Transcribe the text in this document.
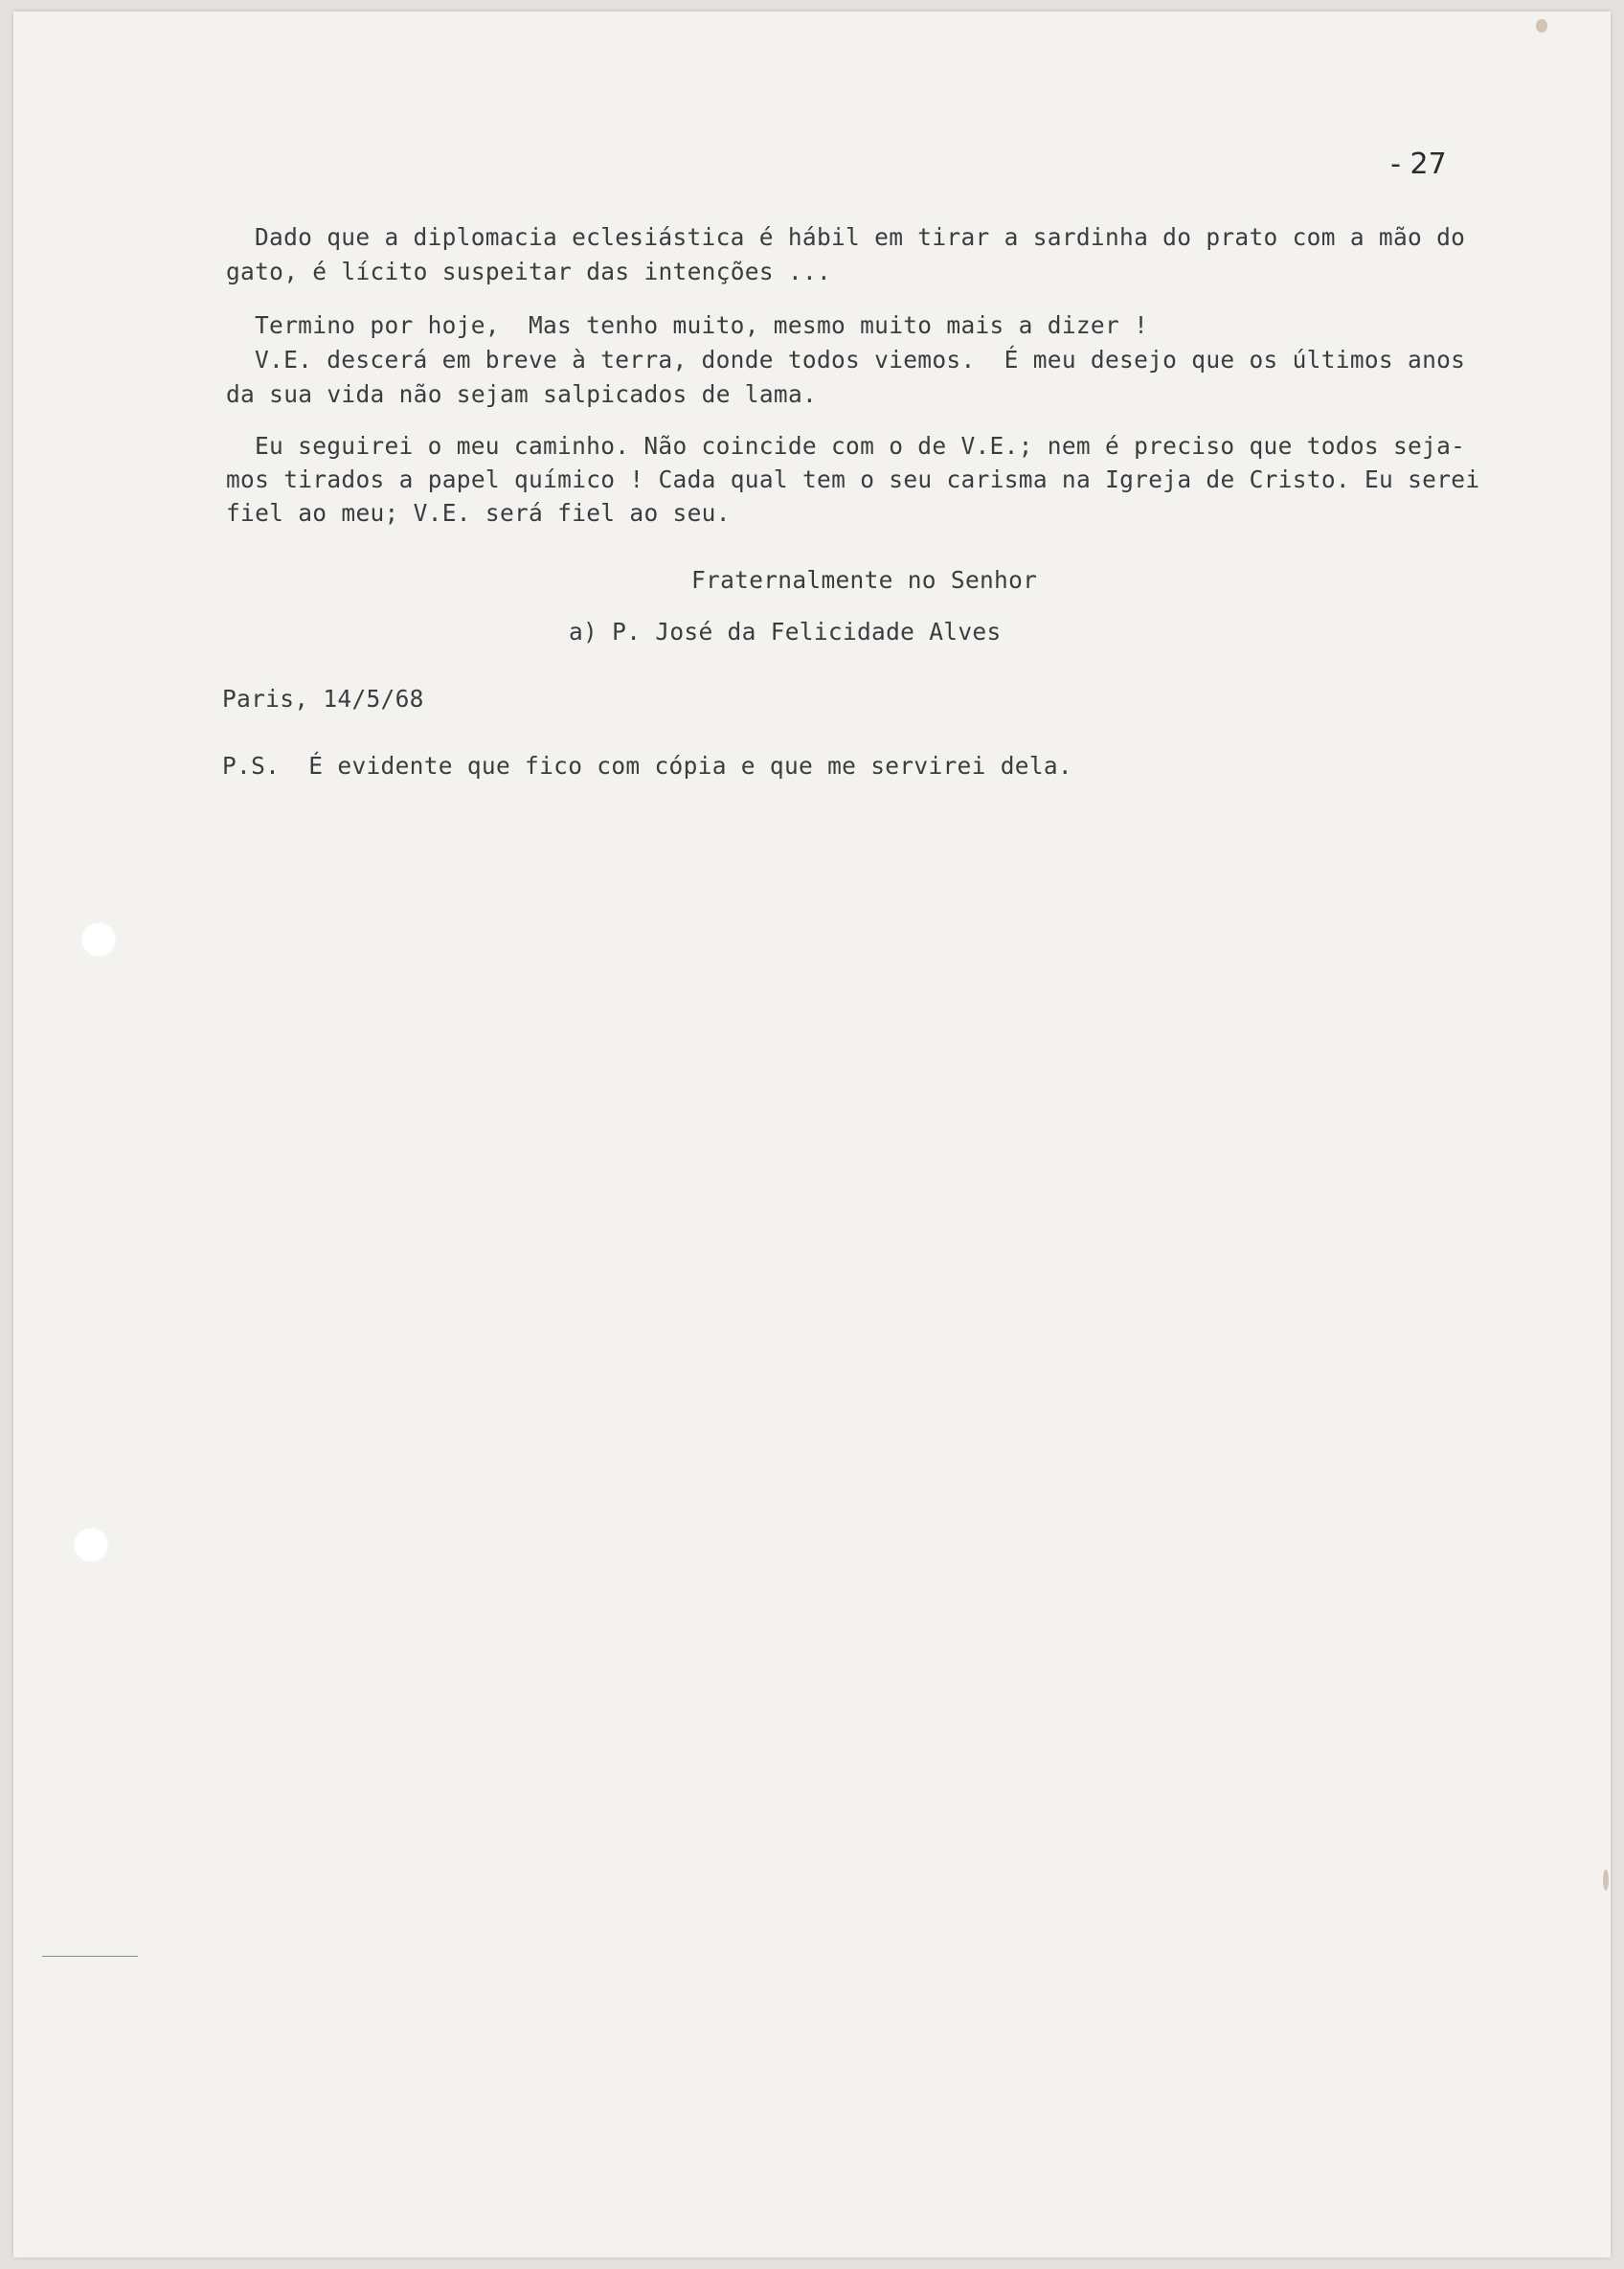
- 27

Dado que a diplomacia eclesiástica é hábil em tirar a sardinha do prato com a mão do
gato, é lícito suspeitar das intenções ...
Termino por hoje,  Mas tenho muito, mesmo muito mais a dizer !
V.E. descerá em breve à terra, donde todos viemos.  É meu desejo que os últimos anos
da sua vida não sejam salpicados de lama.
Eu seguirei o meu caminho. Não coincide com o de V.E.; nem é preciso que todos seja-
mos tirados a papel químico ! Cada qual tem o seu carisma na Igreja de Cristo. Eu serei
fiel ao meu; V.E. será fiel ao seu.
Fraternalmente no Senhor
a) P. José da Felicidade Alves
Paris, 14/5/68
P.S.  É evidente que fico com cópia e que me servirei dela.
